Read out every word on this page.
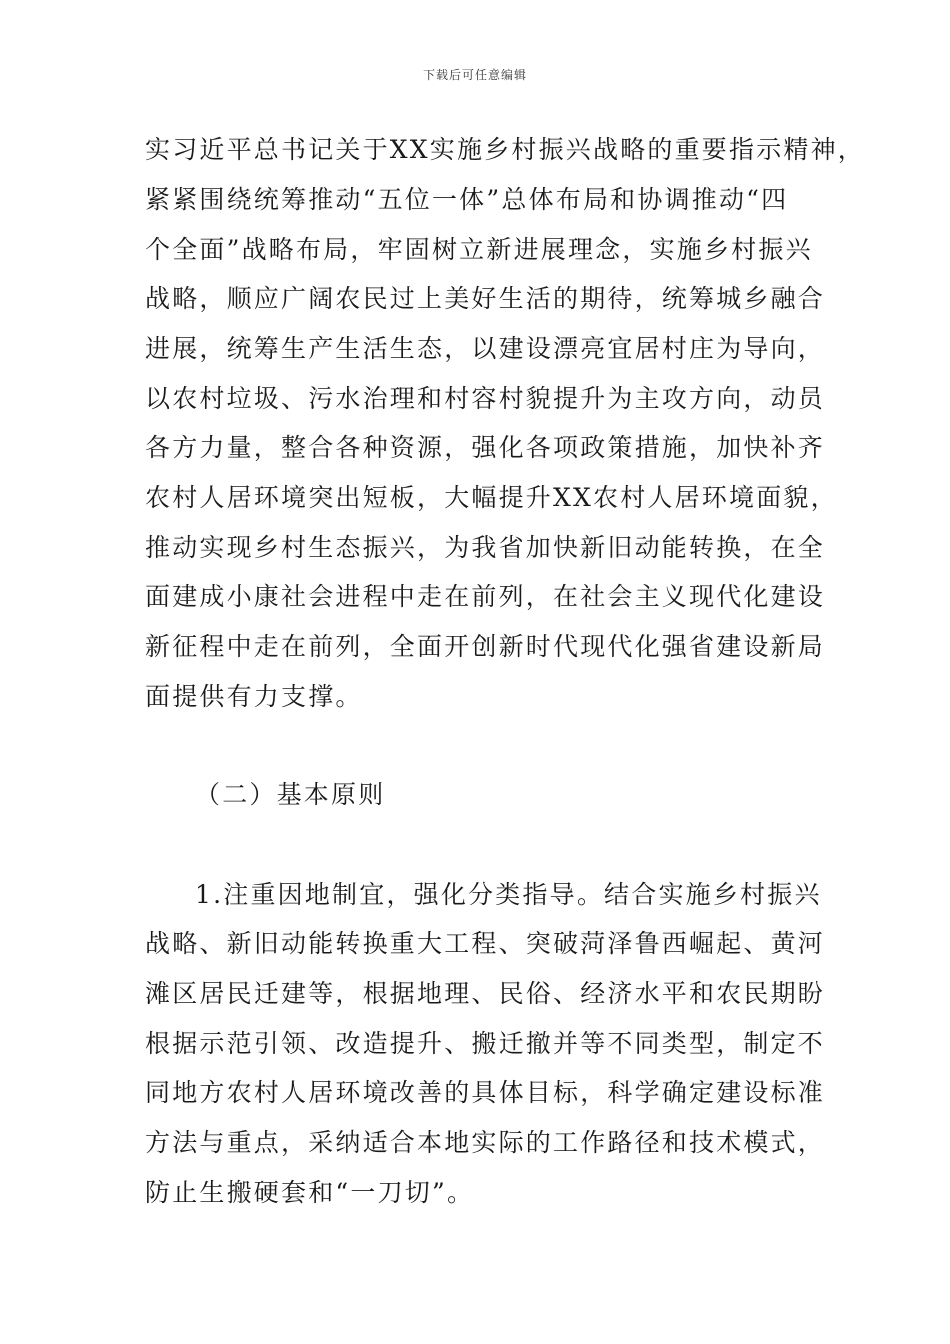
下载后可任意编辑
实习近平总书记关于XX实施乡村振兴战略的重要指示精神，
紧紧围绕统筹推动“五位一体”总体布局和协调推动“四
个全面”战略布局，牢固树立新进展理念，实施乡村振兴
战略，顺应广阔农民过上美好生活的期待，统筹城乡融合
进展，统筹生产生活生态，以建设漂亮宜居村庄为导向，
以农村垃圾、污水治理和村容村貌提升为主攻方向，动员
各方力量，整合各种资源，强化各项政策措施，加快补齐
农村人居环境突出短板，大幅提升XX农村人居环境面貌，
推动实现乡村生态振兴，为我省加快新旧动能转换，在全
面建成小康社会进程中走在前列，在社会主义现代化建设
新征程中走在前列，全面开创新时代现代化强省建设新局
面提供有力支撑。
（二）基本原则
1.注重因地制宜，强化分类指导。结合实施乡村振兴
战略、新旧动能转换重大工程、突破菏泽鲁西崛起、黄河
滩区居民迁建等，根据地理、民俗、经济水平和农民期盼
根据示范引领、改造提升、搬迁撤并等不同类型，制定不
同地方农村人居环境改善的具体目标，科学确定建设标准
方法与重点，采纳适合本地实际的工作路径和技术模式，
防止生搬硬套和“一刀切”。
